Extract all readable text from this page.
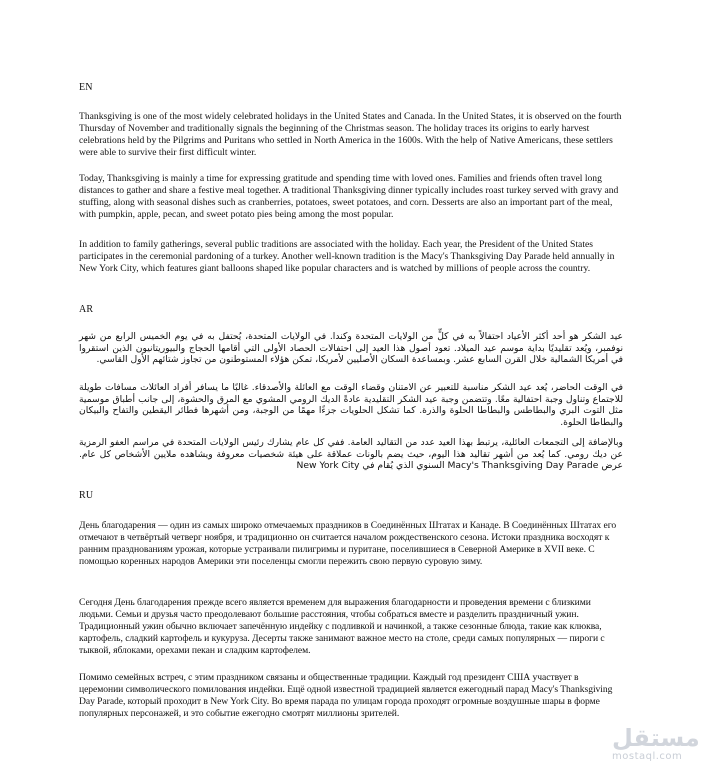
EN

Thanksgiving is one of the most widely celebrated holidays in the United States and Canada. In the United States, it is observed on the fourth Thursday of November and traditionally signals the beginning of the Christmas season. The holiday traces its origins to early harvest celebrations held by the Pilgrims and Puritans who settled in North America in the 1600s. With the help of Native Americans, these settlers were able to survive their first difficult winter.

Today, Thanksgiving is mainly a time for expressing gratitude and spending time with loved ones. Families and friends often travel long distances to gather and share a festive meal together. A traditional Thanksgiving dinner typically includes roast turkey served with gravy and stuffing, along with seasonal dishes such as cranberries, potatoes, sweet potatoes, and corn. Desserts are also an important part of the meal, with pumpkin, apple, pecan, and sweet potato pies being among the most popular.

In addition to family gatherings, several public traditions are associated with the holiday. Each year, the President of the United States participates in the ceremonial pardoning of a turkey. Another well-known tradition is the Macy's Thanksgiving Day Parade held annually in New York City, which features giant balloons shaped like popular characters and is watched by millions of people across the country.

AR

عيد الشكر هو أحد أكثر الأعياد احتفالاً به في كلٍّ من الولايات المتحدة وكندا. في الولايات المتحدة، يُحتفل به في يوم الخميس الرابع من شهر نوفمبر، ويُعد تقليديًا بداية موسم عيد الميلاد. تعود أصول هذا العيد إلى احتفالات الحصاد الأولى التي أقامها الحجاج والبيوريتانيون الذين استقروا في أمريكا الشمالية خلال القرن السابع عشر. وبمساعدة السكان الأصليين لأمريكا، تمكن هؤلاء المستوطنون من تجاوز شتائهم الأول القاسي.

في الوقت الحاضر، يُعد عيد الشكر مناسبة للتعبير عن الامتنان وقضاء الوقت مع العائلة والأصدقاء. غالبًا ما يسافر أفراد العائلات مسافات طويلة للاجتماع وتناول وجبة احتفالية معًا. وتتضمن وجبة عيد الشكر التقليدية عادةً الديك الرومي المشوي مع المرق والحشوة، إلى جانب أطباق موسمية مثل التوت البري والبطاطس والبطاطا الحلوة والذرة. كما تشكل الحلويات جزءًا مهمًا من الوجبة، ومن أشهرها فطائر اليقطين والتفاح والبيكان والبطاطا الحلوة.

وبالإضافة إلى التجمعات العائلية، يرتبط بهذا العيد عدد من التقاليد العامة. ففي كل عام يشارك رئيس الولايات المتحدة في مراسم العفو الرمزية عن ديك رومي. كما يُعد من أشهر تقاليد هذا اليوم، حيث يضم بالونات عملاقة على هيئة شخصيات معروفة ويشاهده ملايين الأشخاص كل عام. عرض Macy's Thanksgiving Day Parade السنوي الذي يُقام في New York City

RU

День благодарения — один из самых широко отмечаемых праздников в Соединённых Штатах и Канаде. В Соединённых Штатах его отмечают в четвёртый четверг ноября, и традиционно он считается началом рождественского сезона. Истоки праздника восходят к ранним празднованиям урожая, которые устраивали пилигримы и пуритане, поселившиеся в Северной Америке в XVII веке. С помощью коренных народов Америки эти поселенцы смогли пережить свою первую суровую зиму.

Сегодня День благодарения прежде всего является временем для выражения благодарности и проведения времени с близкими людьми. Семьи и друзья часто преодолевают большие расстояния, чтобы собраться вместе и разделить праздничный ужин. Традиционный ужин обычно включает запечённую индейку с подливкой и начинкой, а также сезонные блюда, такие как клюква, картофель, сладкий картофель и кукуруза. Десерты также занимают важное место на столе, среди самых популярных — пироги с тыквой, яблоками, орехами пекан и сладким картофелем.

Помимо семейных встреч, с этим праздником связаны и общественные традиции. Каждый год президент США участвует в церемонии символического помилования индейки. Ещё одной известной традицией является ежегодный парад Macy's Thanksgiving Day Parade, который проходит в New York City. Во время парада по улицам города проходят огромные воздушные шары в форме популярных персонажей, и это событие ежегодно смотрят миллионы зрителей.

مستقل
mostaql.com
